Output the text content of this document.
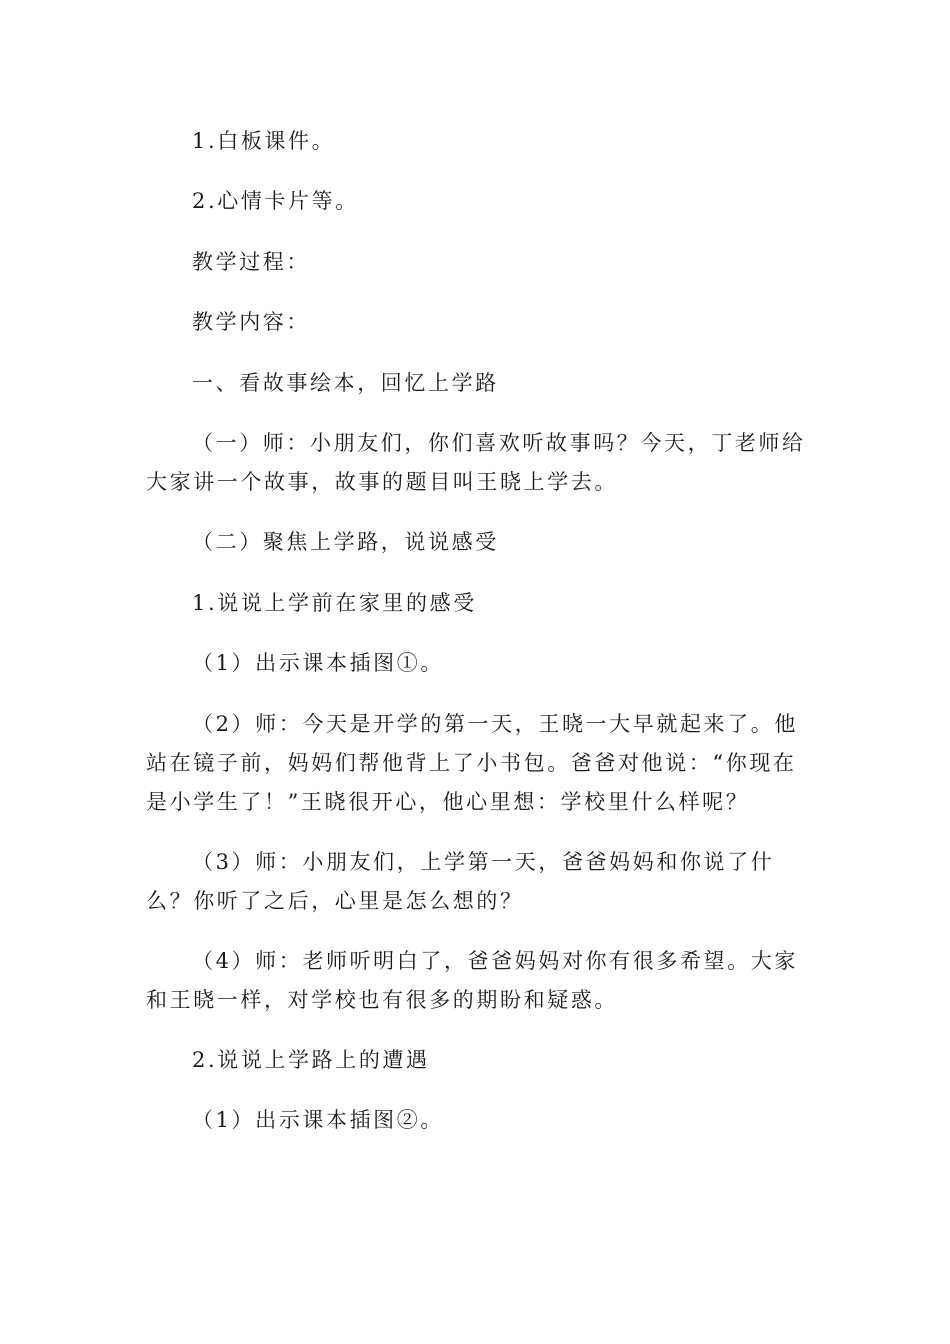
1.白板课件。

2.心情卡片等。

教学过程：

教学内容：

一、看故事绘本，回忆上学路

（一）师：小朋友们，你们喜欢听故事吗？今天，丁老师给大家讲一个故事，故事的题目叫王晓上学去。

（二）聚焦上学路，说说感受

1.说说上学前在家里的感受

（1）出示课本插图①。

（2）师：今天是开学的第一天，王晓一大早就起来了。他站在镜子前，妈妈们帮他背上了小书包。爸爸对他说：“你现在是小学生了！”王晓很开心，他心里想：学校里什么样呢？

（3）师：小朋友们，上学第一天，爸爸妈妈和你说了什么？你听了之后，心里是怎么想的？

（4）师：老师听明白了，爸爸妈妈对你有很多希望。大家和王晓一样，对学校也有很多的期盼和疑惑。

2.说说上学路上的遭遇

（1）出示课本插图②。
